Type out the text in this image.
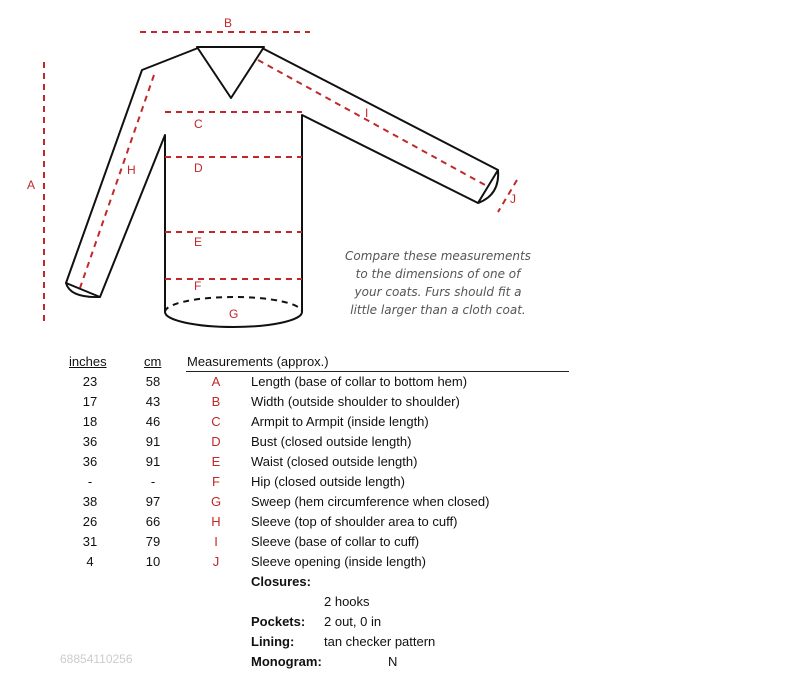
A
B
C
D
E
F
G
H
I
J
Compare these measurements
to the dimensions of one of
your coats. Furs should fit a
little larger than a cloth coat.
inches	cm Measurements (approx.)
23	58	A	Length (base of collar to bottom hem)
17	43	B	Width (outside shoulder to shoulder)
18	46	C	Armpit to Armpit (inside length)
36	91	D	Bust (closed outside length)
36	91	E	Waist (closed outside length)
-	-	F	Hip (closed outside length)
38	97	G	Sweep (hem circumference when closed)
26	66	H	Sleeve (top of shoulder area to cuff)
31	79	I	Sleeve (base of collar to cuff)
4	10	J	Sleeve opening (inside length)
Closures:
2 hooks
Pockets: 2 out, 0 in
Lining: tan checker pattern
Monogram:	N
68854110256
